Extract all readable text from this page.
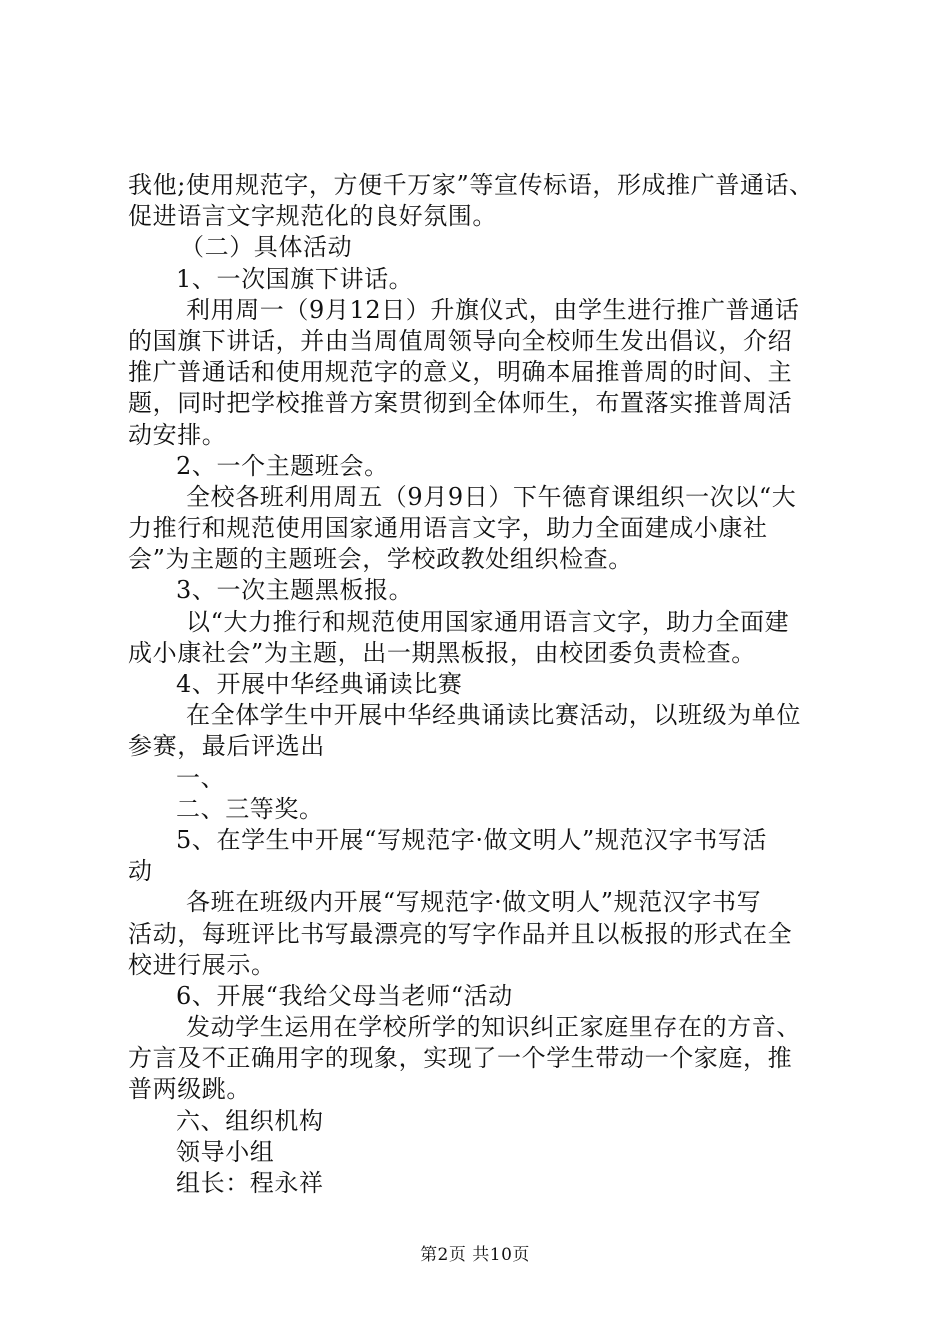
我他;使用规范字，方便千万家”等宣传标语，形成推广普通话、
促进语言文字规范化的良好氛围。
（二）具体活动
1、一次国旗下讲话。
利用周一（9月12日）升旗仪式，由学生进行推广普通话
的国旗下讲话，并由当周值周领导向全校师生发出倡议，介绍
推广普通话和使用规范字的意义，明确本届推普周的时间、主
题，同时把学校推普方案贯彻到全体师生，布置落实推普周活
动安排。
2、一个主题班会。
全校各班利用周五（9月9日）下午德育课组织一次以“大
力推行和规范使用国家通用语言文字，助力全面建成小康社
会”为主题的主题班会，学校政教处组织检查。
3、一次主题黑板报。
以“大力推行和规范使用国家通用语言文字，助力全面建
成小康社会”为主题，出一期黑板报，由校团委负责检查。
4、开展中华经典诵读比赛
在全体学生中开展中华经典诵读比赛活动，以班级为单位
参赛，最后评选出
一、
二、三等奖。
5、在学生中开展“写规范字·做文明人”规范汉字书写活
动
各班在班级内开展“写规范字·做文明人”规范汉字书写
活动，每班评比书写最漂亮的写字作品并且以板报的形式在全
校进行展示。
6、开展“我给父母当老师“活动
发动学生运用在学校所学的知识纠正家庭里存在的方音、
方言及不正确用字的现象，实现了一个学生带动一个家庭，推
普两级跳。
六、组织机构
领导小组
组长：程永祥
第2页 共10页
